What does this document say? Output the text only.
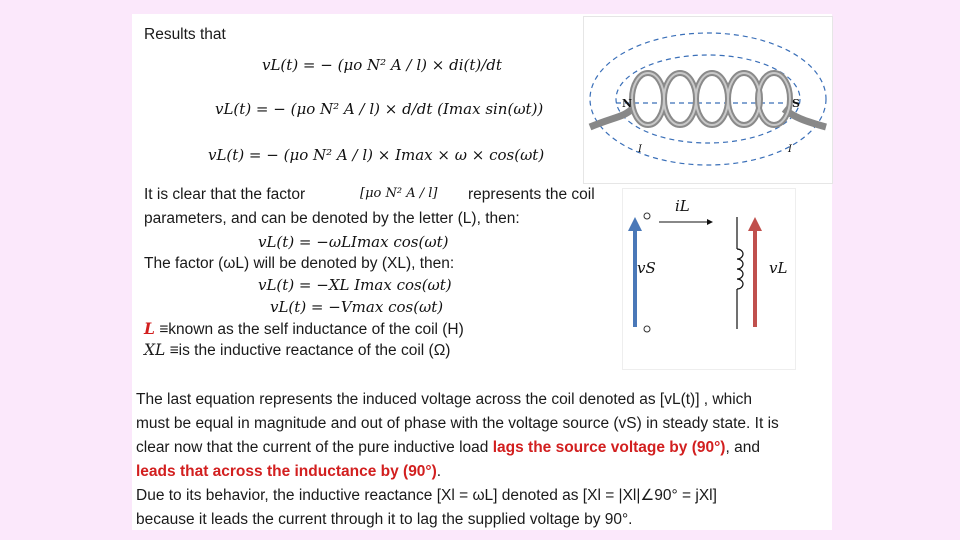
Results that
vL(t) = − (μo N² A / l) × di(t)/dt
vL(t) = − (μo N² A / l) × d/dt (Imax sin(ωt))
vL(t) = − (μo N² A / l) × Imax × ω × cos(ωt)
It is clear that the factor	[μo N² A / l] represents the coil
parameters, and can be denoted by the letter (L), then:
vL(t) = −ωLImax cos(ωt)
The factor (ωL) will be denoted by (XL), then:
vL(t) = −XL Imax cos(ωt)
vL(t) = −Vmax cos(ωt)
L ≡known as the self inductance of the coil (H)
XL ≡is the inductive reactance of the coil (Ω)
N	S
I	I
iL
vS	vL
The last equation represents the induced voltage across the coil denoted as [vL(t)] , which
must be equal in magnitude and out of phase with the voltage source (vS) in steady state. It is
clear now that the current of the pure inductive load lags the source voltage by (90°), and
leads that across the inductance by (90°).
Due to its behavior, the inductive reactance [Xl = ωL] denoted as [Xl = |Xl|∠90° = jXl]
because it leads the current through it to lag the supplied voltage by 90°.
